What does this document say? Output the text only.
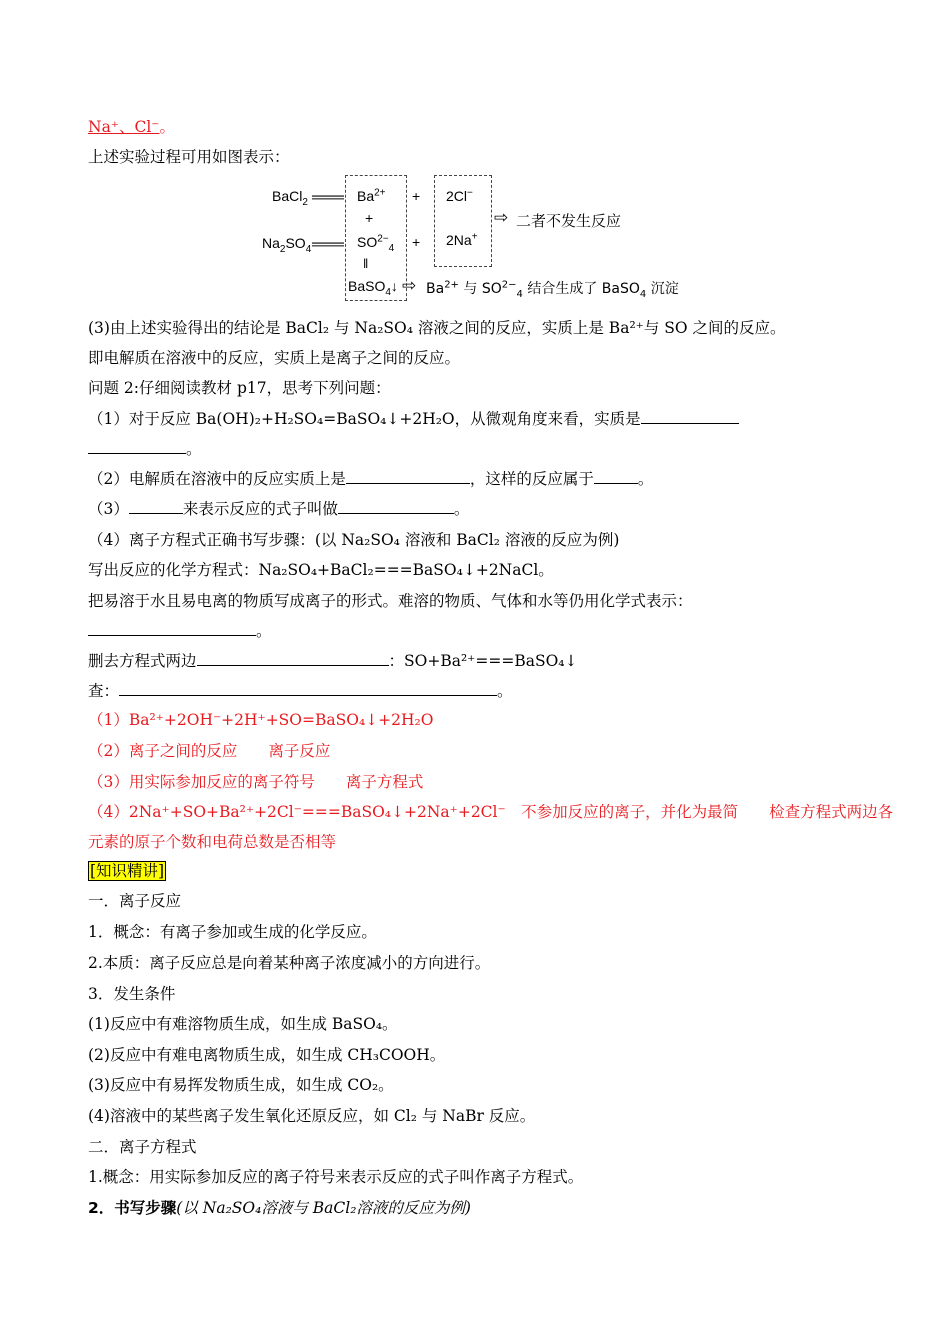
Na⁺、Cl⁻。
上述实验过程可用如图表示：
BaCl$_2$ ═══
$Na_2SO_4$ ═══
$Ba^{2+}$
+
$SO^{2-}_4$
‖
BaSO$_4$↓
+
+
2Cl−
2Na+
⇨ 二者不发生反应
⇨ $Ba^{2+}$ 与 $SO^{2-}_4$ 结合生成了 BaSO$_4$ 沉淀
(3)由上述实验得出的结论是 BaCl₂ 与 Na₂SO₄ 溶液之间的反应，实质上是 Ba²⁺与 SO 之间的反应。
即电解质在溶液中的反应，实质上是离子之间的反应。
问题 2:仔细阅读教材 p17，思考下列问题：
（1）对于反应 Ba(OH)₂+H₂SO₄=BaSO₄↓+2H₂O，从微观角度来看，实质是
。
（2）电解质在溶液中的反应实质上是	，这样的反应属于	。
（3）	来表示反应的式子叫做	。
（4）离子方程式正确书写步骤：(以 Na₂SO₄ 溶液和 BaCl₂ 溶液的反应为例)
写出反应的化学方程式：Na₂SO₄+BaCl₂===BaSO₄↓+2NaCl。
把易溶于水且易电离的物质写成离子的形式。难溶的物质、气体和水等仍用化学式表示：
。
删去方程式两边	：SO+Ba²⁺===BaSO₄↓
查：	。
（1）Ba²⁺+2OH⁻+2H⁺+SO=BaSO₄↓+2H₂O
（2）离子之间的反应　　离子反应
（3）用实际参加反应的离子符号　　离子方程式
（4）2Na⁺+SO+Ba²⁺+2Cl⁻===BaSO₄↓+2Na⁺+2Cl⁻　不参加反应的离子，并化为最简　　检查方程式两边各
元素的原子个数和电荷总数是否相等
[知识精讲]
一．离子反应
1．概念：有离子参加或生成的化学反应。
2.本质：离子反应总是向着某种离子浓度减小的方向进行。
3．发生条件
(1)反应中有难溶物质生成，如生成 BaSO₄。
(2)反应中有难电离物质生成，如生成 CH₃COOH。
(3)反应中有易挥发物质生成，如生成 CO₂。
(4)溶液中的某些离子发生氧化还原反应，如 Cl₂ 与 NaBr 反应。
二．离子方程式
1.概念：用实际参加反应的离子符号来表示反应的式子叫作离子方程式。
2．书写步骤(以 Na₂SO₄溶液与 BaCl₂溶液的反应为例)
